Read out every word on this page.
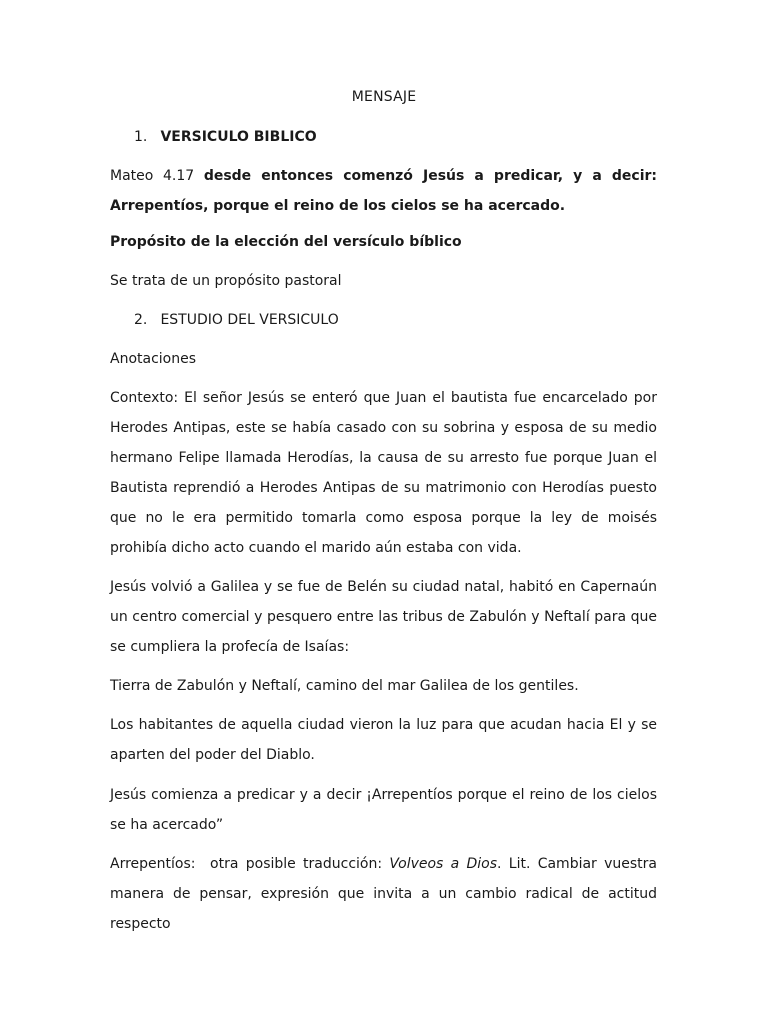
MENSAJE
1. VERSICULO BIBLICO
Mateo 4.17 desde entonces comenzó Jesús a predicar, y a decir:
Arrepentíos, porque el reino de los cielos se ha acercado.
Propósito de la elección del versículo bíblico
Se trata de un propósito pastoral
2. ESTUDIO DEL VERSICULO
Anotaciones
Contexto: El señor Jesús se enteró que Juan el bautista fue encarcelado por Herodes Antipas, este se había casado con su sobrina y esposa de su medio hermano Felipe llamada Herodías, la causa de su arresto fue porque Juan el Bautista reprendió a Herodes Antipas de su matrimonio con Herodías puesto que no le era permitido tomarla como esposa porque la ley de moisés prohibía dicho acto cuando el marido aún estaba con vida.
Jesús volvió a Galilea y se fue de Belén su ciudad natal, habitó en Capernaún un centro comercial y pesquero entre las tribus de Zabulón y Neftalí para que se cumpliera la profecía de Isaías:
Tierra de Zabulón y Neftalí, camino del mar Galilea de los gentiles.
Los habitantes de aquella ciudad vieron la luz para que acudan hacia El y se aparten del poder del Diablo.
Jesús comienza a predicar y a decir ¡Arrepentíos porque el reino de los cielos se ha acercado”
Arrepentíos:  otra posible traducción: Volveos a Dios. Lit. Cambiar vuestra manera de pensar, expresión que invita a un cambio radical de actitud respecto
